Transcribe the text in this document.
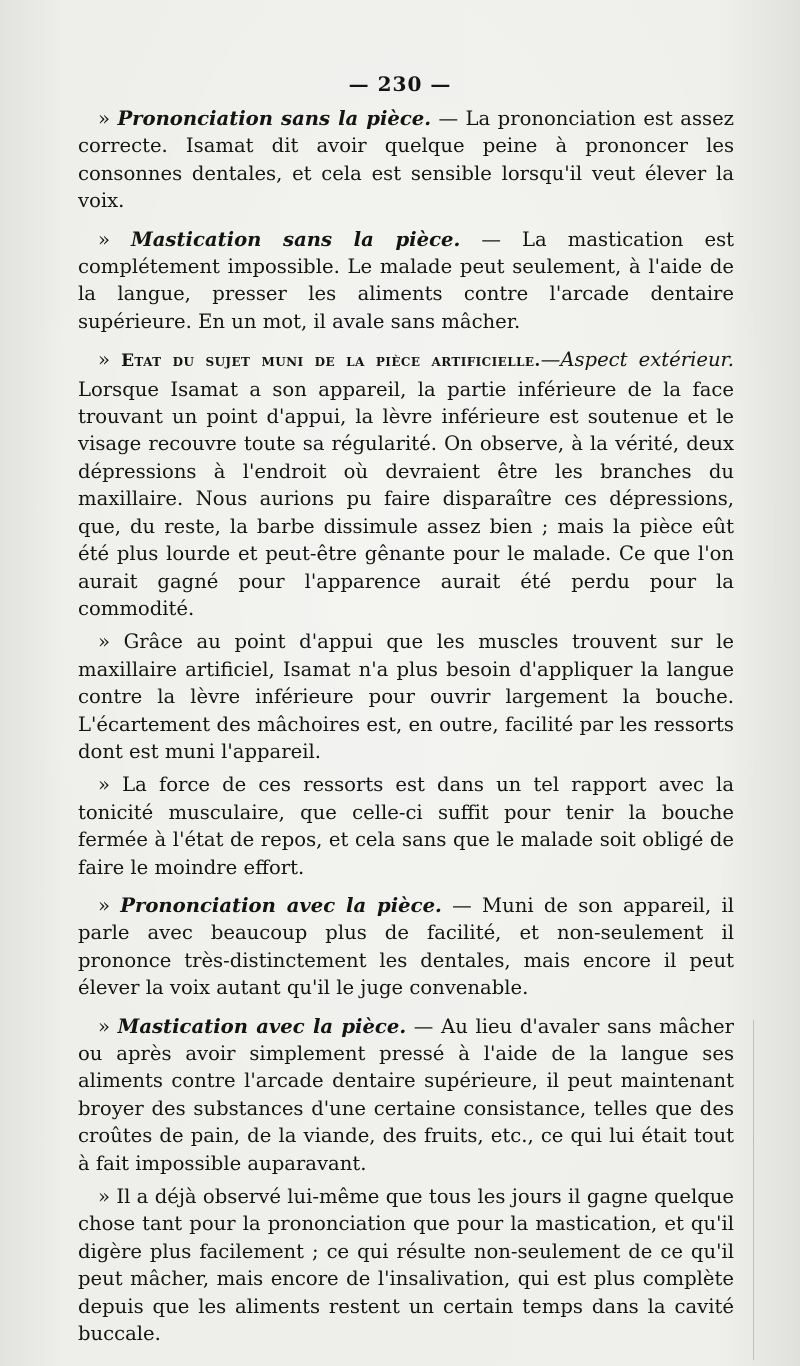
— 230 —

» Prononciation sans la pièce. — La prononciation est assez correcte. Isamat dit avoir quelque peine à prononcer les consonnes dentales, et cela est sensible lorsqu'il veut élever la voix.

» Mastication sans la pièce. — La mastication est complétement impossible. Le malade peut seulement, à l'aide de la langue, presser les aliments contre l'arcade dentaire supérieure. En un mot, il avale sans mâcher.

» Etat du sujet muni de la pièce artificielle.—Aspect extérieur. Lorsque Isamat a son appareil, la partie inférieure de la face trouvant un point d'appui, la lèvre inférieure est soutenue et le visage recouvre toute sa régularité. On observe, à la vérité, deux dépressions à l'endroit où devraient être les branches du maxillaire. Nous aurions pu faire disparaître ces dépressions, que, du reste, la barbe dissimule assez bien ; mais la pièce eût été plus lourde et peut-être gênante pour le malade. Ce que l'on aurait gagné pour l'apparence aurait été perdu pour la commodité.

» Grâce au point d'appui que les muscles trouvent sur le maxillaire artificiel, Isamat n'a plus besoin d'appliquer la langue contre la lèvre inférieure pour ouvrir largement la bouche. L'écartement des mâchoires est, en outre, facilité par les ressorts dont est muni l'appareil.

» La force de ces ressorts est dans un tel rapport avec la tonicité musculaire, que celle-ci suffit pour tenir la bouche fermée à l'état de repos, et cela sans que le malade soit obligé de faire le moindre effort.

» Prononciation avec la pièce. — Muni de son appareil, il parle avec beaucoup plus de facilité, et non-seulement il prononce très-distinctement les dentales, mais encore il peut élever la voix autant qu'il le juge convenable.

» Mastication avec la pièce. — Au lieu d'avaler sans mâcher ou après avoir simplement pressé à l'aide de la langue ses aliments contre l'arcade dentaire supérieure, il peut maintenant broyer des substances d'une certaine consistance, telles que des croûtes de pain, de la viande, des fruits, etc., ce qui lui était tout à fait impossible auparavant.

» Il a déjà observé lui-même que tous les jours il gagne quelque chose tant pour la prononciation que pour la mastication, et qu'il digère plus facilement ; ce qui résulte non-seulement de ce qu'il peut mâcher, mais encore de l'insalivation, qui est plus complète depuis que les aliments restent un certain temps dans la cavité buccale.
